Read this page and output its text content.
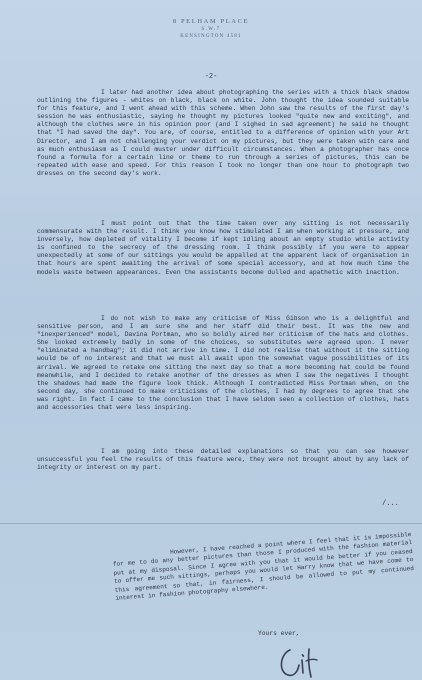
8 PELHAM PLACE
S.W.7
KENSINGTON 4581
-2-

I later had another idea about photographing the series with a thick black shadow outlining the figures - whites on black, black on white. John thought the idea sounded suitable for this feature, and I went ahead with this scheme. When John saw the results of the first day's session he was enthusiastic, saying he thought my pictures looked "quite new and exciting", and although the clothes were in his opinion poor (and I sighed in sad agreement) he said he thought that "I had saved the day". You are, of course, entitled to a difference of opinion with your Art Director, and I am not challenging your verdict on my pictures, but they were taken with care and as much enthusiasm as I could muster under difficult circumstances. When a photographer has once found a formula for a certain line or theme to run through a series of pictures, this can be repeated with ease and speed. For this reason I took no longer than one hour to photograph two dresses on the second day's work.

I must point out that the time taken over any sitting is not necessarily commensurate with the result. I think you know how stimulated I am when working at pressure, and inversely, how depleted of vitality I become if kept idling about an empty studio while activity is confined to the secrecy of the dressing room. I think possibly if you were to appear unexpectedly at some of our sittings you would be appalled at the apparent lack of organisation in that hours are spent awaiting the arrival of some special accessory, and at how much time the models waste between appearances. Even the assistants become dulled and apathetic with inaction.

I do not wish to make any criticism of Miss Gibson who is a delightful and sensitive person, and I am sure she and her staff did their best. It was the new and "inexperienced" model, Davina Portman, who so boldly aired her criticism of the hats and clothes. She looked extremely badly in some of the choices, so substitutes were agreed upon. I never "eliminated a handbag"; it did not arrive in time. I did not realise that without it the sitting would be of no interest and that we must all await upon the somewhat vague possibilities of its arrival. We agreed to retake one sitting the next day so that a more becoming hat could be found meanwhile, and I decided to retake another of the dresses as when I saw the negatives I thought the shadows had made the figure look thick. Although I contradicted Miss Portman when, on the second day, she continued to make criticisms of the clothes, I had by degrees to agree that she was right. In fact I came to the conclusion that I have seldom seen a collection of clothes, hats and accessories that were less inspiring.

I am going into these detailed explanations so that you can see however unsuccessful you feel the results of this feature were, they were not brought about by any lack of integrity or interest on my part.

/...

However, I have reached a point where I feel that it is impossible for me to do any better pictures than those I produced with the fashion material put at my disposal. Since I agree with you that it would be better if you ceased to offer me such sittings, perhaps you would let Harry know that we have come to this agreement so that, in fairness, I should be allowed to put my continued interest in fashion photography elsewhere.

Yours ever,
